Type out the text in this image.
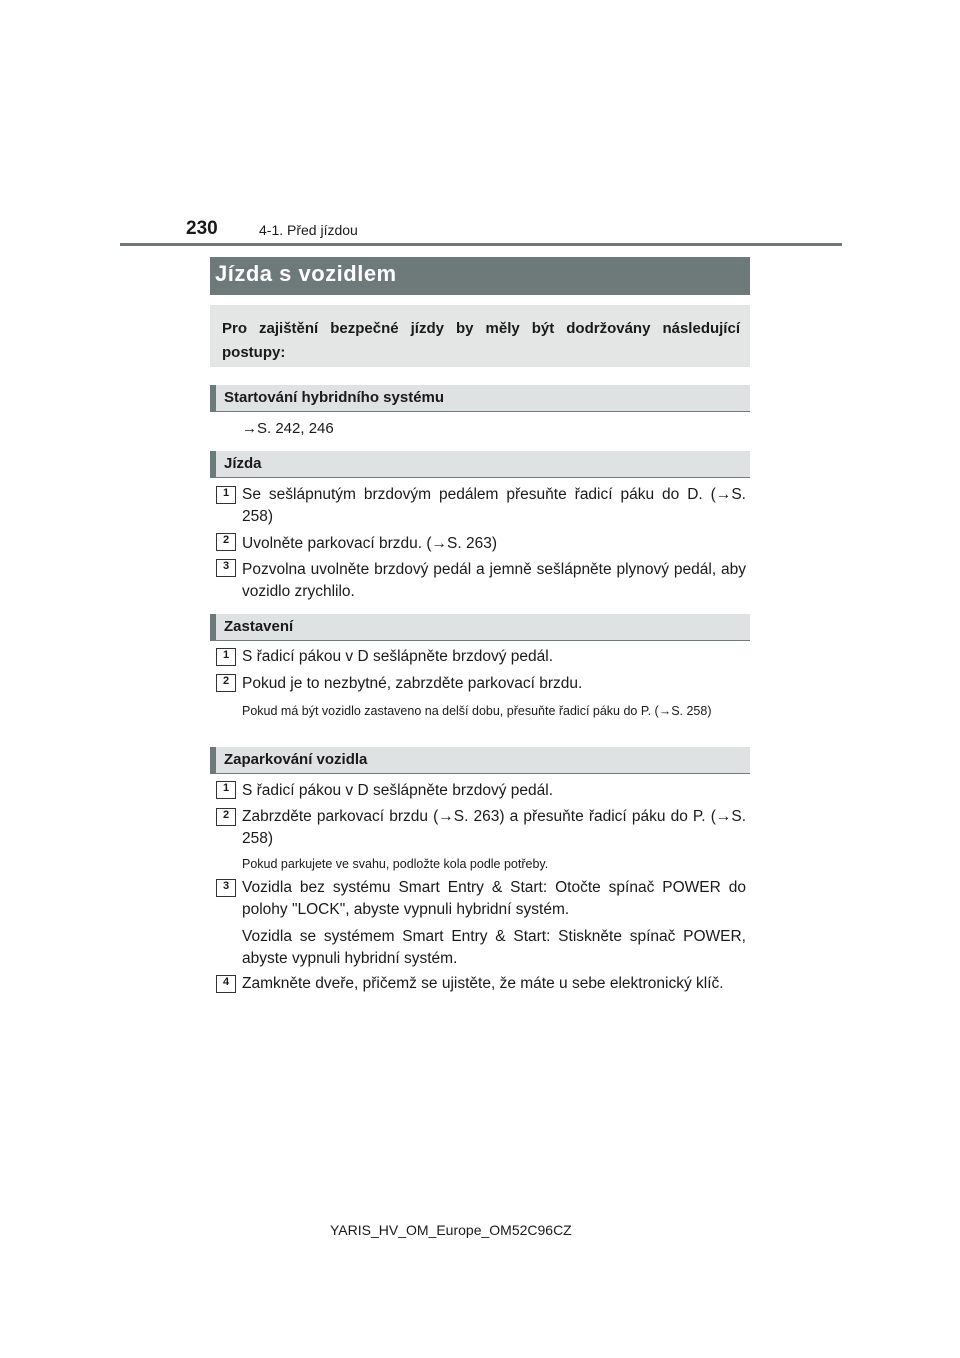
230	4-1. Před jízdou
Jízda s vozidlem

Pro zajištění bezpečné jízdy by měly být dodržovány následující postupy:

Startování hybridního systému
→S. 242, 246
Jízda
1 Se sešlápnutým brzdovým pedálem přesuňte řadicí páku do D. (→S. 258)

2 Uvolněte parkovací brzdu. (→S. 263)

3 Pozvolna uvolněte brzdový pedál a jemně sešlápněte plynový pedál, aby vozidlo zrychlilo.

Zastavení
1 S řadicí pákou v D sešlápněte brzdový pedál.

2 Pokud je to nezbytné, zabrzděte parkovací brzdu.

Pokud má být vozidlo zastaveno na delší dobu, přesuňte řadicí páku do P. (→S. 258)

Zaparkování vozidla
1 S řadicí pákou v D sešlápněte brzdový pedál.

2 Zabrzděte parkovací brzdu (→S. 263) a přesuňte řadicí páku do P. (→S. 258)

Pokud parkujete ve svahu, podložte kola podle potřeby.

3 Vozidla bez systému Smart Entry & Start: Otočte spínač POWER do polohy "LOCK", abyste vypnuli hybridní systém.

Vozidla se systémem Smart Entry & Start: Stiskněte spínač POWER, abyste vypnuli hybridní systém.

4 Zamkněte dveře, přičemž se ujistěte, že máte u sebe elektronický klíč.

YARIS_HV_OM_Europe_OM52C96CZ
